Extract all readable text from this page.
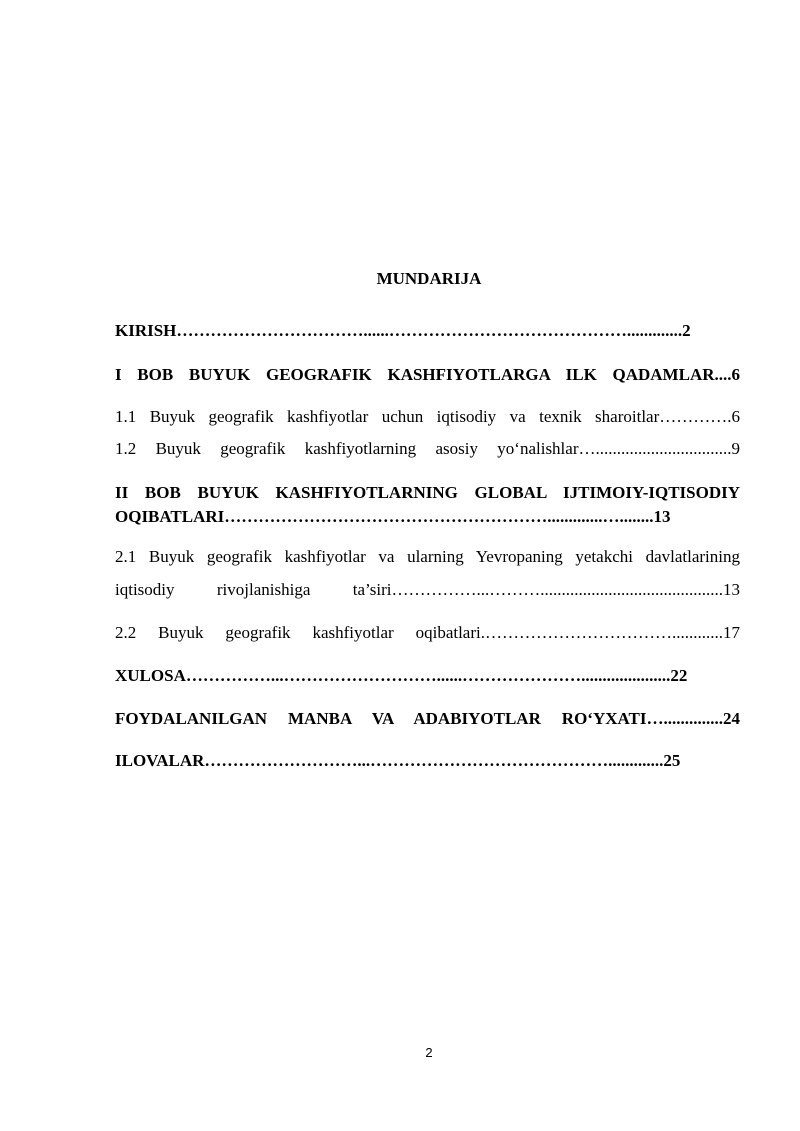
MUNDARIJA
KIRISH……………………………......…………………………………….............2
I BOB BUYUK GEOGRAFIK KASHFIYOTLARGA ILK QADAMLAR....6
1.1 Buyuk geografik kashfiyotlar uchun iqtisodiy va texnik sharoitlar………….6
1.2 Buyuk geografik kashfiyotlarning asosiy yo‘nalishlar…................................9
II BOB BUYUK KASHFIYOTLARNING GLOBAL IJTIMOIY-IQTISODIY
OQIBATLARI………………………………………………….............…........13
2.1 Buyuk geografik kashfiyotlar va ularning Yevropaning yetakchi davlatlarining
iqtisodiy rivojlanishiga ta’siri……………...………...........................................13
2.2 Buyuk geografik kashfiyotlar oqibatlari.……………………………............17
XULOSA……………...………………………......………………….....................22
FOYDALANILGAN MANBA VA ADABIYOTLAR RO‘YXATI…..............24
ILOVALAR………………………...…………………………………….............25
2
